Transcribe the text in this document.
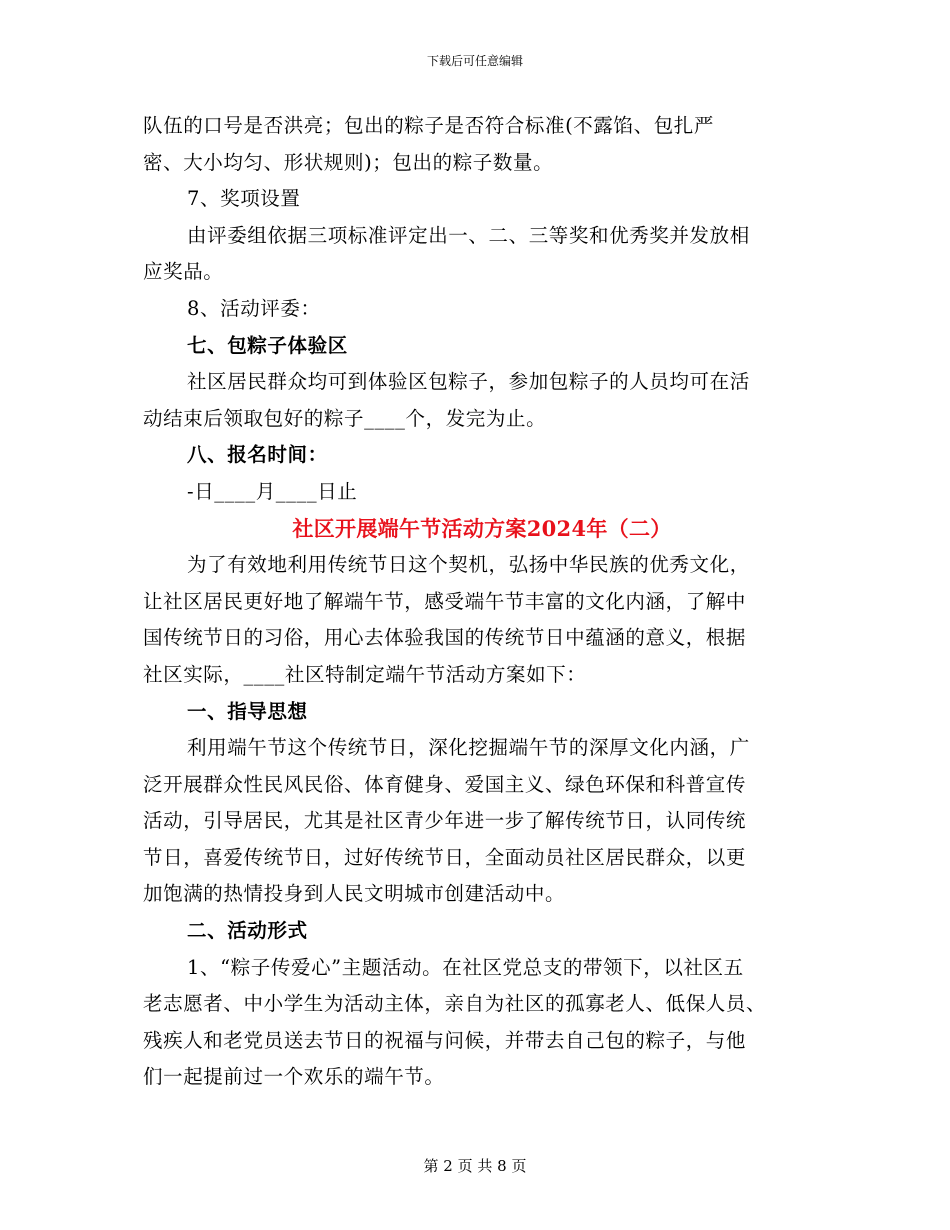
下载后可任意编辑
队伍的口号是否洪亮；包出的粽子是否符合标准(不露馅、包扎严
密、大小均匀、形状规则)；包出的粽子数量。
7、奖项设置
由评委组依据三项标准评定出一、二、三等奖和优秀奖并发放相
应奖品。
8、活动评委：
七、包粽子体验区
社区居民群众均可到体验区包粽子，参加包粽子的人员均可在活
动结束后领取包好的粽子____个，发完为止。
八、报名时间：
-日____月____日止
社区开展端午节活动方案2024年（二）
为了有效地利用传统节日这个契机，弘扬中华民族的优秀文化，
让社区居民更好地了解端午节，感受端午节丰富的文化内涵，了解中
国传统节日的习俗，用心去体验我国的传统节日中蕴涵的意义，根据
社区实际，____社区特制定端午节活动方案如下：
一、指导思想
利用端午节这个传统节日，深化挖掘端午节的深厚文化内涵，广
泛开展群众性民风民俗、体育健身、爱国主义、绿色环保和科普宣传
活动，引导居民，尤其是社区青少年进一步了解传统节日，认同传统
节日，喜爱传统节日，过好传统节日，全面动员社区居民群众，以更
加饱满的热情投身到人民文明城市创建活动中。
二、活动形式
1、“粽子传爱心”主题活动。在社区党总支的带领下，以社区五
老志愿者、中小学生为活动主体，亲自为社区的孤寡老人、低保人员、
残疾人和老党员送去节日的祝福与问候，并带去自己包的粽子，与他
们一起提前过一个欢乐的端午节。
第 2 页 共 8 页
